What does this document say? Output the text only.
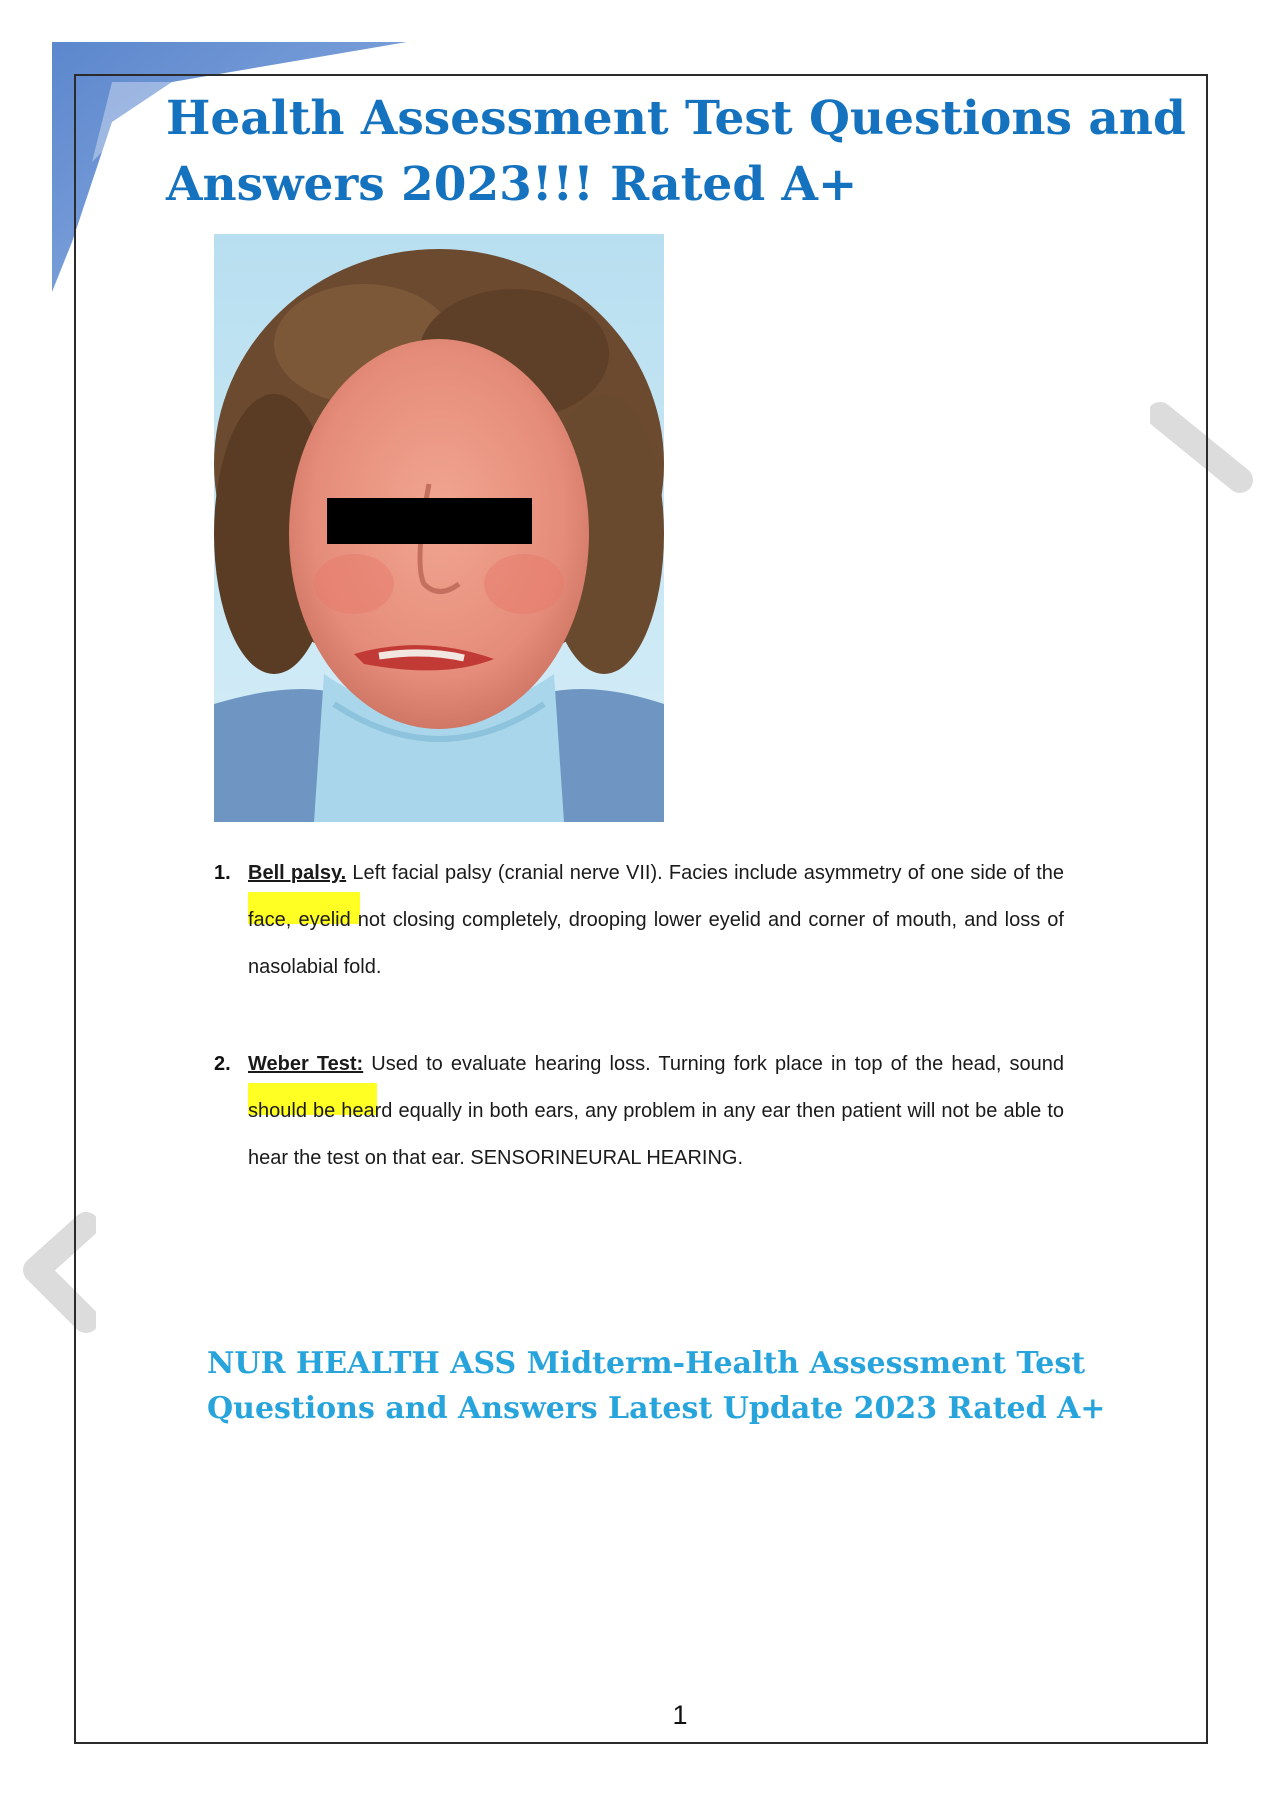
Health Assessment Test Questions and Answers 2023!!! Rated A+
1. Bell palsy. Left facial palsy (cranial nerve VII). Facies include asymmetry of one side of the face, eyelid not closing completely, drooping lower eyelid and corner of mouth, and loss of nasolabial fold.

2. Weber Test: Used to evaluate hearing loss. Turning fork place in top of the head, sound should be heard equally in both ears, any problem in any ear then patient will not be able to hear the test on that ear. SENSORINEURAL HEARING.

NUR HEALTH ASS Midterm-Health Assessment Test Questions and Answers Latest Update 2023 Rated A+
1
